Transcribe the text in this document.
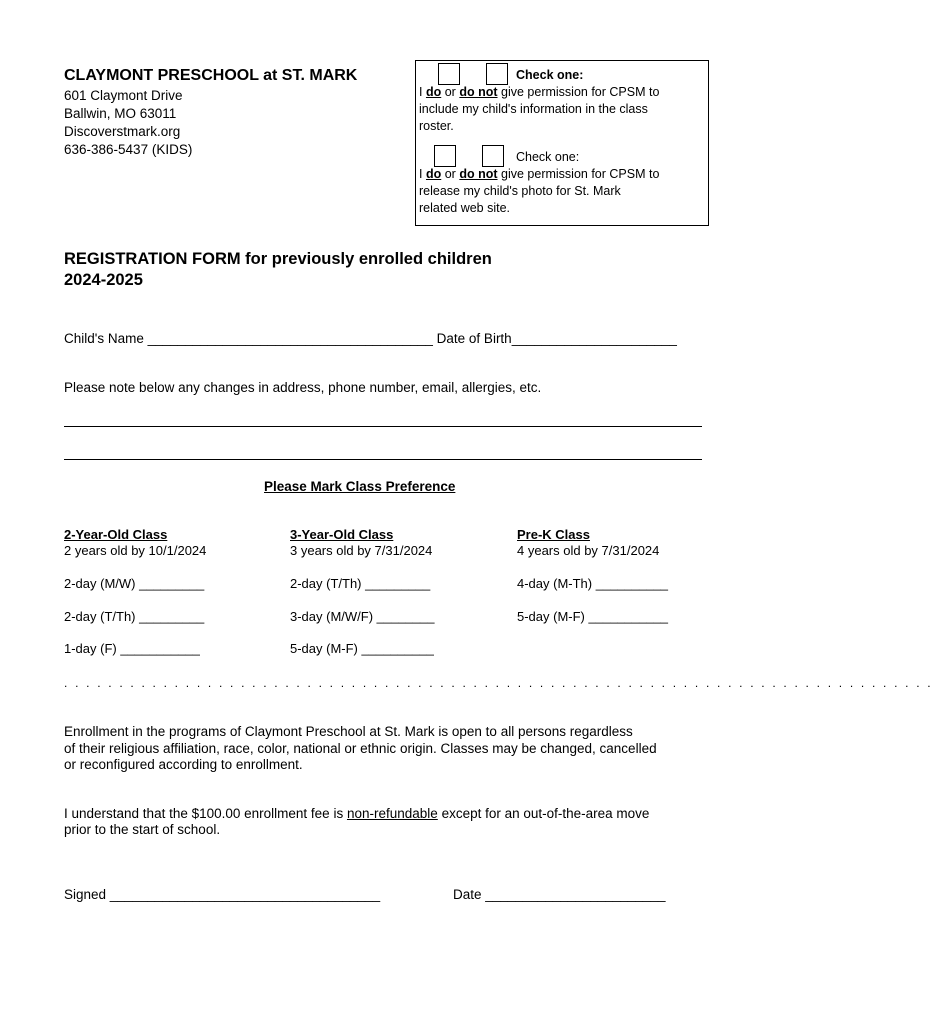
CLAYMONT PRESCHOOL at ST. MARK
601 Claymont Drive
Ballwin, MO 63011
Discoverstmark.org
636-386-5437 (KIDS)
Check one:
I do or do not give permission for CPSM to
include my child's information in the class
roster.
Check one:
I do or do not give permission for CPSM to
release my child's photo for St. Mark
related web site.
REGISTRATION FORM for previously enrolled children
2024-2025
Child's Name ______________________________________ Date of Birth______________________
Please note below any changes in address, phone number, email, allergies, etc.
Please Mark Class Preference
2-Year-Old Class
2 years old by 10/1/2024
2-day (M/W) _________
2-day (T/Th) _________
1-day (F) ___________
3-Year-Old Class
3 years old by 7/31/2024
2-day (T/Th) _________
3-day (M/W/F) ________
5-day (M-F) __________
Pre-K Class
4 years old by 7/31/2024
4-day (M-Th) __________
5-day (M-F) ___________
. . . . . . . . . . . . . . . . . . . . . . . . . . . . . . . . . . . . . . . . . . . . . . . . . . . . . . . . . . . . . . . . . . . . . . . . . . . . . . .
Enrollment in the programs of Claymont Preschool at St. Mark is open to all persons regardless
of their religious affiliation, race, color, national or ethnic origin. Classes may be changed, cancelled
or reconfigured according to enrollment.
I understand that the $100.00 enrollment fee is non-refundable except for an out-of-the-area move
prior to the start of school.
Signed ____________________________________	Date ________________________
